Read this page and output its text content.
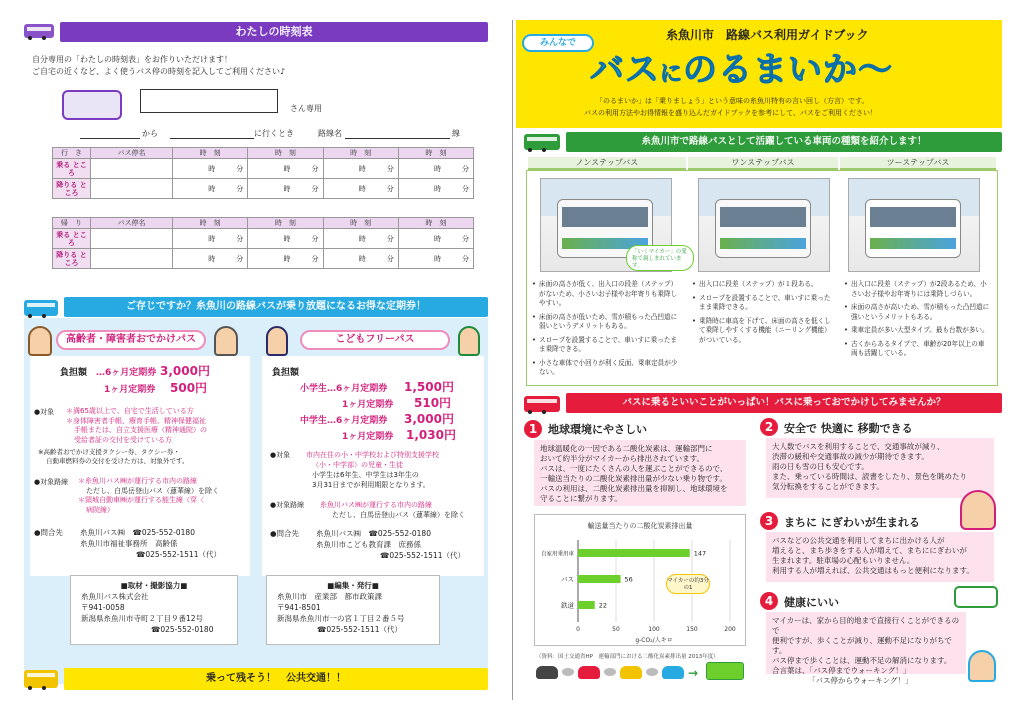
わたしの時刻表
自分専用の「わたしの時刻表」をお作りいただけます！
ご自宅の近くなど、よく使うバス停の時刻を記入してご利用ください♪
さん専用
から	に行くとき	路線名	線
行　き	バス停名	時　刻	時　刻	時　刻	時　刻
乗る ところ		時　　　 分	時　　　 分	時　　　 分	時　　　 分
降りる ところ		時　　　 分	時　　　 分	時　　　 分	時　　　 分
帰　り	バス停名	時　刻	時　刻	時　刻	時　刻
乗る ところ		時　　　 分	時　　　 分	時　　　 分	時　　　 分
降りる ところ		時　　　 分	時　　　 分	時　　　 分	時　　　 分
ご存じですか？糸魚川の路線バスが乗り放題になるお得な定期券！
高齢者・障害者おでかけパス
負担額 …6ヶ月定期券 3,000円
1ヶ月定期券 500円
●対象 ＊満65歳以上で、自宅で生活している方
＊身体障害者手帳、療育手帳、精神保健福祉
手帳または、自立支援医療（精神通院）の
受給者証の交付を受けている方
※高齢者おでかけ支援タクシー券、タクシー券・
自動車燃料券の交付を受けた方は、対象外です。
●対象路線 ＊糸魚川バス㈱が運行する市内の路線
ただし、白馬岳登山バス（蓮華線）を除く
＊頸城自動車㈱が運行する能生線（穿〈
病院線）
●問合先 糸魚川バス㈱　☎025-552-0180
糸魚川市福祉事務所　高齢係
☎025-552-1511（代）
こどもフリーパス
負担額
小学生…6ヶ月定期券 1,500円
1ヶ月定期券 510円
中学生…6ヶ月定期券 3,000円
1ヶ月定期券 1,030円
●対象 市内在住の小・中学校および特別支援学校
（小・中学部）の児童・生徒
小学生は6年生、中学生は3年生の
3月31日までが利用期限となります。
●対象路線 糸魚川バス㈱が運行する市内の路線
ただし、白馬岳登山バス（蓮華線）を除く
●問合先 糸魚川バス㈱　☎025-552-0180
糸魚川市こども教育課　庶務係
☎025-552-1511（代）
■取材・撮影協力■
糸魚川バス株式会社
〒941-0058
新潟県糸魚川市寺町２丁目９番12号
☎025-552-0180
■編集・発行■
糸魚川市　産業部　都市政策課
〒941-8501
新潟県糸魚川市一の宮１丁目２番５号
☎025-552-1511（代）
乗って残そう！　公共交通！！
糸魚川市　路線バス利用ガイドブック
みんなで
バスにのるまいか～
「のるまいか」は「乗りましょう」という意味の糸魚川特有の言い回し（方言）です。
バスの利用方法やお得情報を盛り込んだガイドブックを参考にして、バスをご利用ください！
糸魚川市で路線バスとして活躍している車両の種類を紹介します！
ノンステップバス	ワンステップバス	ツーステップバス
「いくマイカー」の愛称で親しまれています。
• 床面の高さが低く、出入口の段差（ステップ）がないため、小さいお子様やお年寄りも乗降しやすい。
• 床面の高さが低いため、雪が積もった凸凹道に弱いというデメリットもある。
• スロープを設置することで、車いすに乗ったまま乗降できる。
• 小さな車体で小回りが利く反面、乗車定員が少ない。
• 出入口に段差（ステップ）が１段ある。
• スロープを設置することで、車いすに乗ったまま乗降できる。
• 乗降時に車高を下げて、床面の高さを低くして乗降しやすくする機能（ニーリング機能）がついている。
• 出入口に段差（ステップ）が2段あるため、小さいお子様やお年寄りには乗降しづらい。
• 床面の高さが高いため、雪が積もった凸凹道に強いというメリットもある。
• 乗車定員が多い大型タイプ。最も台数が多い。
• 古くからあるタイプで、車齢が20年以上の車両も活躍している。
バスに乗るといいことがいっぱい！バスに乗っておでかけしてみませんか？
1 地球環境にやさしい
地球温暖化の一因である二酸化炭素は、運輸部門に
おいて約半分がマイカーから排出されています。
バスは、一度にたくさんの人を運ぶことができるので、
一輸送当たりの二酸化炭素排出量が少ない乗り物です。
バスの利用は、二酸化炭素排出量を抑制し、地球環境を
守ることに繋がります。
2 安全で 快適に 移動できる
大人数でバスを利用することで、交通事故が減り、
渋滞の緩和や交通事故の減少が期待できます。
雨の日も雪の日も安心です。
また、乗っている時間は、読書をしたり、景色を眺めたり
気分転換をすることができます。
3 まちに にぎわいが生まれる
バスなどの公共交通を利用してまちに出かける人が
増えると、まち歩きをする人が増えて、まちににぎわいが
生まれます。駐車場の心配もいりません。
利用する人が増えれば、公共交通はもっと便利になります。
4 健康にいい
マイカーは、家から目的地まで直接行くことができるので
便利ですが、歩くことが減り、運動不足になりがちです。
バス停まで歩くことは、運動不足の解消になります。
合言葉は、「バス停までウォーキング！」
「バス停からウォーキング！」
輸送量当たりの二酸化炭素排出量
147
56
22
自家用乗用車
バス
鉄道
0	50	100	150	200
g-CO₂/人キロ
マイカーの約3分の1
（資料：国土交通省HP　運輸部門における二酸化炭素排出量 2013年度）
→
